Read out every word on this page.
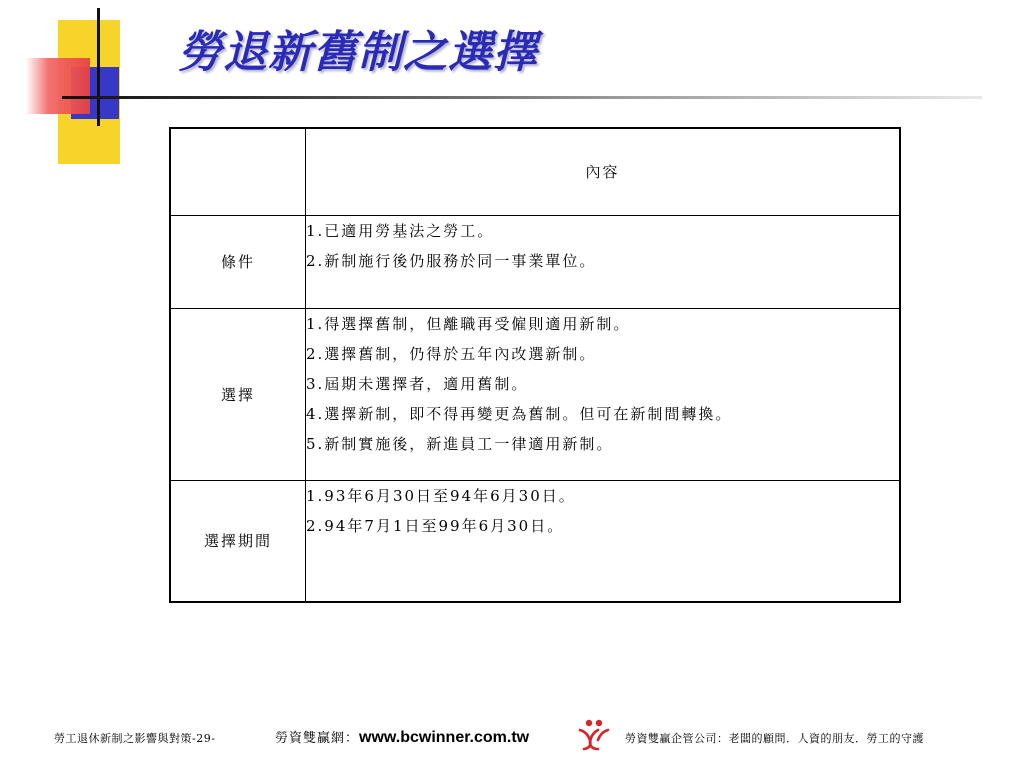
勞退新舊制之選擇
	內容
條件	1.已適用勞基法之勞工。
2.新制施行後仍服務於同一事業單位。

選擇	1.得選擇舊制，但離職再受僱則適用新制。
2.選擇舊制，仍得於五年內改選新制。
3.屆期未選擇者，適用舊制。
4.選擇新制，即不得再變更為舊制。但可在新制間轉換。
5.新制實施後，新進員工一律適用新制。

選擇期間	1.93年6月30日至94年6月30日。
2.94年7月1日至99年6月30日。
勞工退休新制之影響與對策-29-	勞資雙贏網：www.bcwinner.com.tw	勞資雙贏企管公司：老闆的顧問．人資的朋友．勞工的守護
